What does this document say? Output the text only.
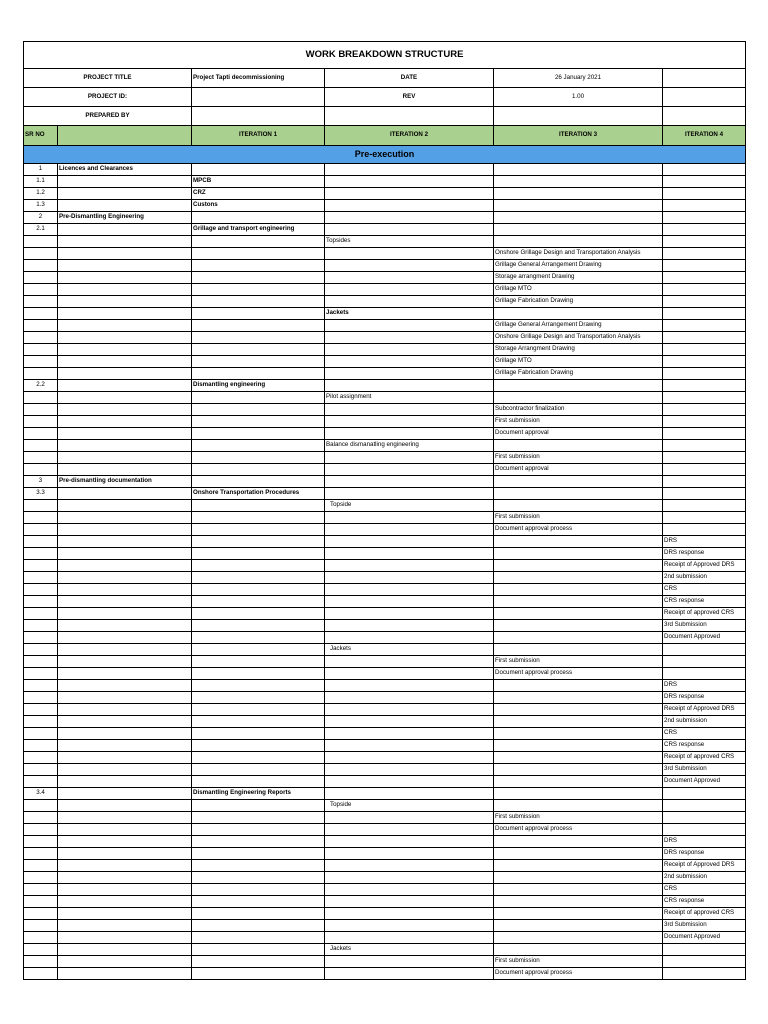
WORK BREAKDOWN STRUCTURE					
PROJECT TITLE		Project Tapti decommissioning	DATE	26 January 2021	
PROJECT ID:			REV	1.00	
PREPARED BY					
SR NO		ITERATION 1	ITERATION 2	ITERATION 3	ITERATION 4
Pre-execution					
1	Licences and Clearances				
1.1		MPCB			
1.2		CRZ			
1.3		Custons			
2	Pre-Dismantling Engineering				
2.1		Grillage and transport engineering			
			Topsides		
				Onshore Grillage Design and Transportation Analysis	
				Grillage General Arrangement Drawing	
				Storage arrangment Drawing	
				Grillage MTO	
				Grillage Fabrication Drawing	
			Jackets		
				Grillage General Arrangement Drawing	
				Onshore Grillage Design and Transportation Analysis	
				Storage Arrangment Drawing	
				Grillage MTO	
				Grillage Fabrication Drawing	
2.2		Dismantling engineering			
			Pilot assignment		
				Subcontractor finalization	
				First submission	
				Document approval	
			Balance dismanatling engineering		
				First submission	
				Document approval	
3	Pre-dismantling documentation				
3.3		Onshore Transportation Procedures			
			Topside		
				First submission	
				Document approval process	
					DRS
					DRS response
					Receipt of Approved DRS
					2nd submission
					CRS
					CRS response
					Receipt of approved CRS
					3rd Submission
					Document Approved
			Jackets		
				First submission	
				Document approval process	
					DRS
					DRS response
					Receipt of Approved DRS
					2nd submission
					CRS
					CRS response
					Receipt of approved CRS
					3rd Submission
					Document Approved
3.4		Dismantling Engineering Reports			
			Topside		
				First submission	
				Document approval process	
					DRS
					DRS response
					Receipt of Approved DRS
					2nd submission
					CRS
					CRS response
					Receipt of approved CRS
					3rd Submission
					Document Approved
			Jackets		
				First submission	
				Document approval process	
